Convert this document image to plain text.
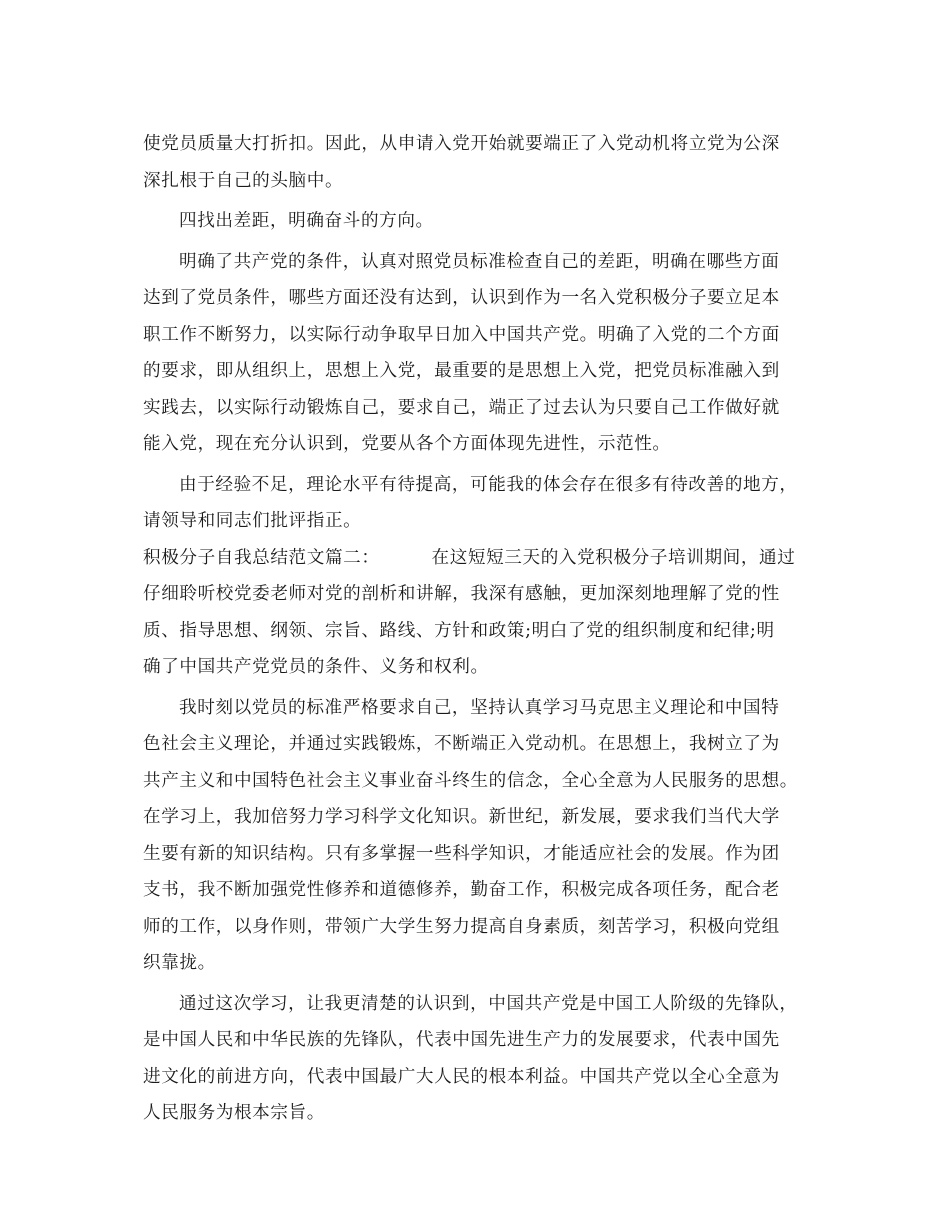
使党员质量大打折扣。因此，从申请入党开始就要端正了入党动机将立党为公深
深扎根于自己的头脑中。
四找出差距，明确奋斗的方向。
明确了共产党的条件，认真对照党员标准检查自己的差距，明确在哪些方面
达到了党员条件，哪些方面还没有达到，认识到作为一名入党积极分子要立足本
职工作不断努力，以实际行动争取早日加入中国共产党。明确了入党的二个方面
的要求，即从组织上，思想上入党，最重要的是思想上入党，把党员标准融入到
实践去，以实际行动锻炼自己，要求自己，端正了过去认为只要自己工作做好就
能入党，现在充分认识到，党要从各个方面体现先进性，示范性。
由于经验不足，理论水平有待提高，可能我的体会存在很多有待改善的地方，
请领导和同志们批评指正。
积极分子自我总结范文篇二：	在这短短三天的入党积极分子培训期间，通过
仔细聆听校党委老师对党的剖析和讲解，我深有感触，更加深刻地理解了党的性
质、指导思想、纲领、宗旨、路线、方针和政策;明白了党的组织制度和纪律;明
确了中国共产党党员的条件、义务和权利。
我时刻以党员的标准严格要求自己，坚持认真学习马克思主义理论和中国特
色社会主义理论，并通过实践锻炼，不断端正入党动机。在思想上，我树立了为
共产主义和中国特色社会主义事业奋斗终生的信念，全心全意为人民服务的思想。
在学习上，我加倍努力学习科学文化知识。新世纪，新发展，要求我们当代大学
生要有新的知识结构。只有多掌握一些科学知识，才能适应社会的发展。作为团
支书，我不断加强党性修养和道德修养，勤奋工作，积极完成各项任务，配合老
师的工作，以身作则，带领广大学生努力提高自身素质，刻苦学习，积极向党组
织靠拢。
通过这次学习，让我更清楚的认识到，中国共产党是中国工人阶级的先锋队，
是中国人民和中华民族的先锋队，代表中国先进生产力的发展要求，代表中国先
进文化的前进方向，代表中国最广大人民的根本利益。中国共产党以全心全意为
人民服务为根本宗旨。
